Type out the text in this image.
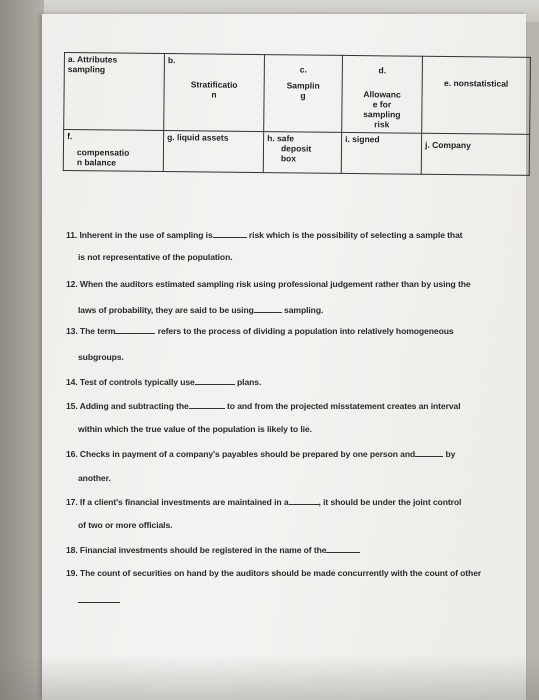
a. Attributes
sampling	b.
Stratificatio
n	c.
Samplin
g	d.
Allowanc
e for
sampling
risk	e. nonstatistical

f.

compensatio
n balance	g. liquid assets	h. safe
deposit
box	i. signed	j. Company
11. Inherent in the use of sampling is	risk which is the possibility of selecting a sample that
is not representative of the population.
12. When the auditors estimated sampling risk using professional judgement rather than by using the
laws of probability, they are said to be using	sampling.
13. The term	refers to the process of dividing a population into relatively homogeneous
subgroups.
14. Test of controls typically use	plans.
15. Adding and subtracting the	to and from the projected misstatement creates an interval
within which the true value of the population is likely to lie.
16. Checks in payment of a company's payables should be prepared by one person and	by
another.
17. If a client's financial investments are maintained in a	, it should be under the joint control
of two or more officials.
18. Financial investments should be registered in the name of the
19. The count of securities on hand by the auditors should be made concurrently with the count of other
